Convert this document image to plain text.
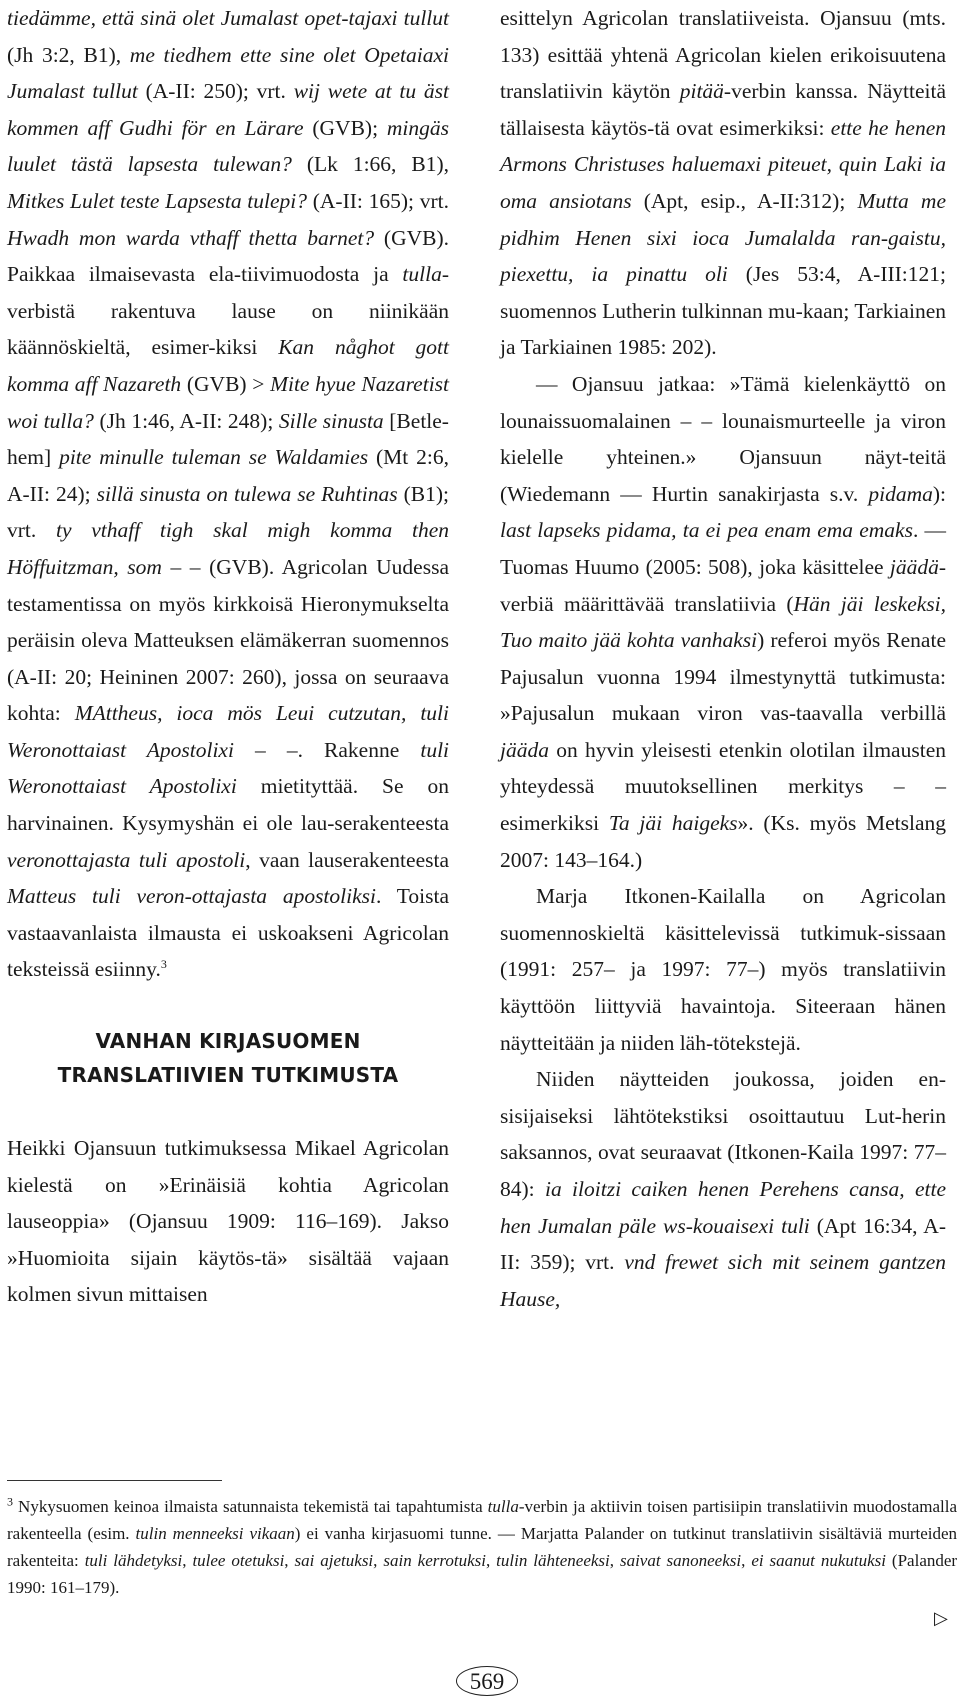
tiedämme, että sinä olet Jumalast opet-tajaxi tullut (Jh 3:2, B1), me tiedhem ette sine olet Opetaiaxi Jumalast tullut (A-II: 250); vrt. wij wete at tu äst kommen aff Gudhi för en Lärare (GVB); mingäs luulet tästä lapsesta tulewan? (Lk 1:66, B1), Mitkes Lulet teste Lapsesta tulepi? (A-II: 165); vrt. Hwadh mon warda vthaff thetta barnet? (GVB). Paikkaa ilmaisevasta ela-tiivimuodosta ja tulla-verbistä rakentuva lause on niinikään käännöskieltä, esimer-kiksi Kan någhot gott komma aff Nazareth (GVB) > Mite hyue Nazaretist woi tulla? (Jh 1:46, A-II: 248); Sille sinusta [Betle-hem] pite minulle tuleman se Waldamies (Mt 2:6, A-II: 24); sillä sinusta on tulewa se Ruhtinas (B1); vrt. ty vthaff tigh skal migh komma then Höffuitzman, som – – (GVB). Agricolan Uudessa testamentissa on myös kirkkoisä Hieronymukselta peräisin oleva Matteuksen elämäkerran suomennos (A-II: 20; Heininen 2007: 260), jossa on seuraava kohta: MAttheus, ioca mös Leui cutzutan, tuli Weronottaiast Apostolixi – –. Rakenne tuli Weronottaiast Apostolixi mietityttää. Se on harvinainen. Kysymyshän ei ole lau-serakenteesta veronottajasta tuli apostoli, vaan lauserakenteesta Matteus tuli veron-ottajasta apostoliksi. Toista vastaavanlaista ilmausta ei uskoakseni Agricolan teksteissä esiinny.$^3$

VANHAN KIRJASUOMEN
TRANSLATIIVIEN TUTKIMUSTA

Heikki Ojansuun tutkimuksessa Mikael Agricolan kielestä on »Erinäisiä kohtia Agricolan lauseoppia» (Ojansuu 1909: 116–169). Jakso »Huomioita sijain käytös-tä» sisältää vajaan kolmen sivun mittaisen

esittelyn Agricolan translatiiveista. Ojansuu (mts. 133) esittää yhtenä Agricolan kielen erikoisuutena translatiivin käytön pitää-verbin kanssa. Näytteitä tällaisesta käytös-tä ovat esimerkiksi: ette he henen Armons Christuses haluemaxi piteuet, quin Laki ia oma ansiotans (Apt, esip., A-II:312); Mutta me pidhim Henen sixi ioca Jumalalda ran-gaistu, piexettu, ia pinattu oli (Jes 53:4, A-III:121; suomennos Lutherin tulkinnan mu-kaan; Tarkiainen ja Tarkiainen 1985: 202).

— Ojansuu jatkaa: »Tämä kielenkäyttö on lounaissuomalainen – – lounaismurteelle ja viron kielelle yhteinen.» Ojansuun näyt-teitä (Wiedemann — Hurtin sanakirjasta s.v. pidama): last lapseks pidama, ta ei pea enam ema emaks. — Tuomas Huumo (2005: 508), joka käsittelee jäädä-verbiä määrittävää translatiivia (Hän jäi leskeksi, Tuo maito jää kohta vanhaksi) referoi myös Renate Pajusalun vuonna 1994 ilmestynyttä tutkimusta: »Pajusalun mukaan viron vas-taavalla verbillä jääda on hyvin yleisesti etenkin olotilan ilmausten yhteydessä muutoksellinen merkitys – – esimerkiksi Ta jäi haigeks». (Ks. myös Metslang 2007: 143–164.)

Marja Itkonen-Kailalla on Agricolan suomennoskieltä käsittelevissä tutkimuk-sissaan (1991: 257– ja 1997: 77–) myös translatiivin käyttöön liittyviä havaintoja. Siteeraan hänen näytteitään ja niiden läh-tötekstejä.

Niiden näytteiden joukossa, joiden en-sisijaiseksi lähtötekstiksi osoittautuu Lut-herin saksannos, ovat seuraavat (Itkonen-Kaila 1997: 77–84): ia iloitzi caiken henen Perehens cansa, ette hen Jumalan päle ws-kouaisexi tuli (Apt 16:34, A-II: 359); vrt. vnd frewet sich mit seinem gantzen Hause,

$^3$ Nykysuomen keinoa ilmaista satunnaista tekemistä tai tapahtumista tulla-verbin ja aktiivin toisen partisiipin translatiivin muodostamalla rakenteella (esim. tulin menneeksi vikaan) ei vanha kirjasuomi tunne. — Marjatta Palander on tutkinut translatiivin sisältäviä murteiden rakenteita: tuli lähdetyksi, tulee otetuksi, sai ajetuksi, sain kerrotuksi, tulin lähteneeksi, saivat sanoneeksi, ei saanut nukutuksi (Palander 1990: 161–179).

▷
569
